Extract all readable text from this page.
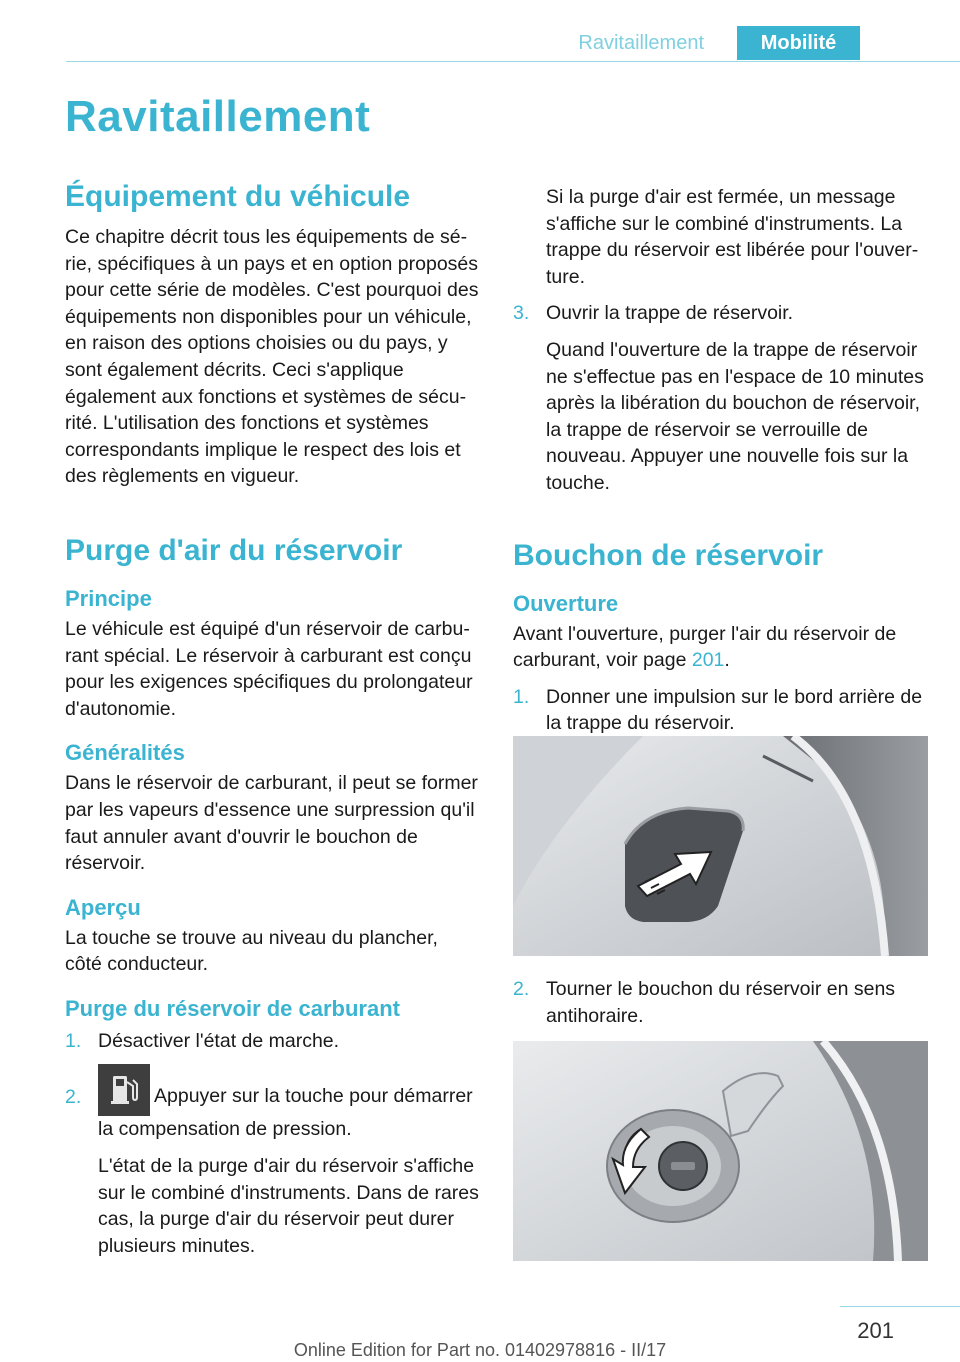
Ravitaillement	Mobilité
Ravitaillement
Équipement du véhicule

Ce chapitre décrit tous les équipements de série, spécifiques à un pays et en option proposés pour cette série de modèles. C'est pourquoi des équipements non disponibles pour un véhicule, en raison des options choisies ou du pays, y sont également décrits. Ceci s'applique également aux fonctions et systèmes de sécurité. L'utilisation des fonctions et systèmes correspondants implique le respect des lois et des règlements en vigueur.

Purge d'air du réservoir
Principe

Le véhicule est équipé d'un réservoir de carburant spécial. Le réservoir à carburant est conçu pour les exigences spécifiques du prolongateur d'autonomie.

Généralités

Dans le réservoir de carburant, il peut se former par les vapeurs d'essence une surpression qu'il faut annuler avant d'ouvrir le bouchon de réservoir.

Aperçu

La touche se trouve au niveau du plancher, côté conducteur.

Purge du réservoir de carburant
1. Désactiver l'état de marche.
2.	Appuyer sur la touche pour démarrer la compensation de pression.
L'état de la purge d'air du réservoir s'affiche sur le combiné d'instruments. Dans de rares cas, la purge d'air du réservoir peut durer plusieurs minutes.

Si la purge d'air est fermée, un message s'affiche sur le combiné d'instruments. La trappe du réservoir est libérée pour l'ouverture.

3. Ouvrir la trappe de réservoir.
Quand l'ouverture de la trappe de réservoir ne s'effectue pas en l'espace de 10 minutes après la libération du bouchon de réservoir, la trappe de réservoir se verrouille de nouveau. Appuyer une nouvelle fois sur la touche.
Bouchon de réservoir
Ouverture

Avant l'ouverture, purger l'air du réservoir de carburant, voir page 201.

1. Donner une impulsion sur le bord arrière de la trappe du réservoir.
2. Tourner le bouchon du réservoir en sens antihoraire.
201
Online Edition for Part no. 01402978816 - II/17
